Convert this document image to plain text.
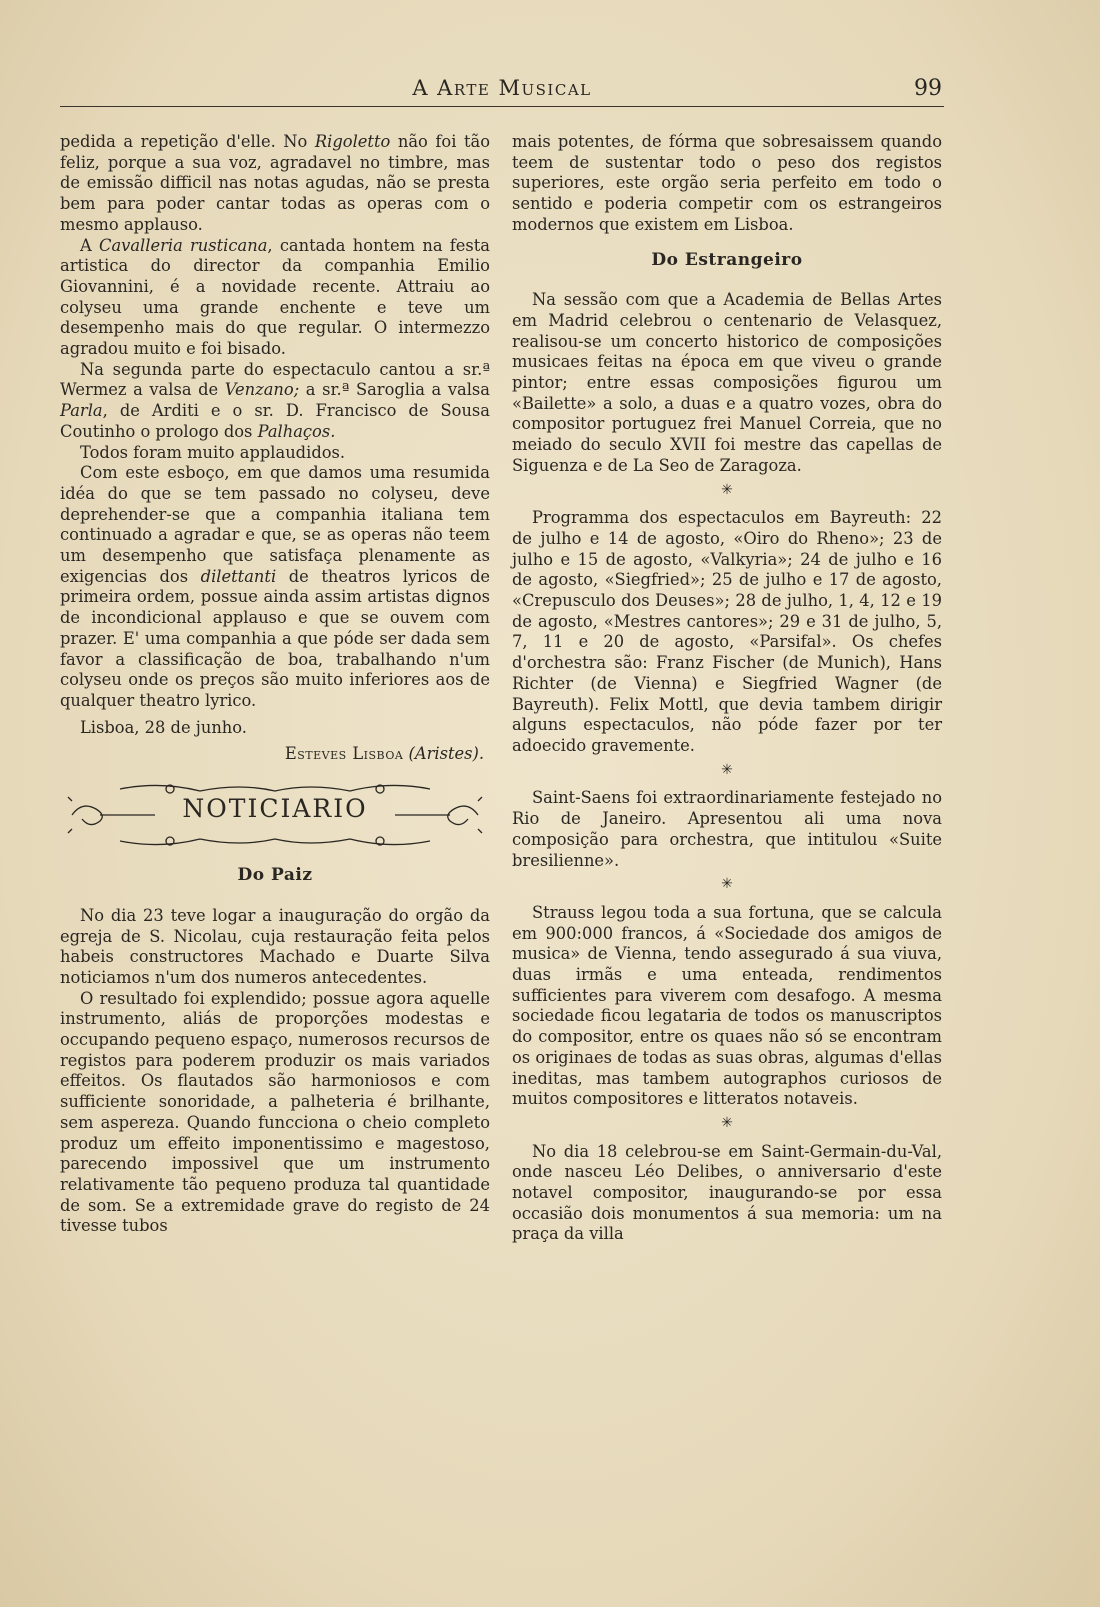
A Arte Musical	99

pedida a repetição d'elle. No Rigoletto não foi tão feliz, porque a sua voz, agradavel no timbre, mas de emissão difficil nas notas agudas, não se presta bem para poder cantar todas as operas com o mesmo applauso.

A Cavalleria rusticana, cantada hontem na festa artistica do director da companhia Emilio Giovannini, é a novidade recente. Attraiu ao colyseu uma grande enchente e teve um desempenho mais do que regular. O intermezzo agradou muito e foi bisado.

Na segunda parte do espectaculo cantou a sr.ª Wermez a valsa de Venzano; a sr.ª Saroglia a valsa Parla, de Arditi e o sr. D. Francisco de Sousa Coutinho o prologo dos Palhaços.

Todos foram muito applaudidos.

Com este esboço, em que damos uma resumida idéa do que se tem passado no colyseu, deve deprehender-se que a companhia italiana tem continuado a agradar e que, se as operas não teem um desempenho que satisfaça plenamente as exigencias dos dilettanti de theatros lyricos de primeira ordem, possue ainda assim artistas dignos de incondicional applauso e que se ouvem com prazer. E' uma companhia a que póde ser dada sem favor a classificação de boa, trabalhando n'um colyseu onde os preços são muito inferiores aos de qualquer theatro lyrico.

Lisboa, 28 de junho.

Esteves Lisboa (Aristes).

NOTICIARIO
Do Paiz

No dia 23 teve logar a inauguração do orgão da egreja de S. Nicolau, cuja restauração feita pelos habeis constructores Machado e Duarte Silva noticiamos n'um dos numeros antecedentes.

O resultado foi explendido; possue agora aquelle instrumento, aliás de proporções modestas e occupando pequeno espaço, numerosos recursos de registos para poderem produzir os mais variados effeitos. Os flautados são harmoniosos e com sufficiente sonoridade, a palheteria é brilhante, sem aspereza. Quando funcciona o cheio completo produz um effeito imponentissimo e magestoso, parecendo impossivel que um instrumento relativamente tão pequeno produza tal quantidade de som. Se a extremidade grave do registo de 24 tivesse tubos

mais potentes, de fórma que sobresaissem quando teem de sustentar todo o peso dos registos superiores, este orgão seria perfeito em todo o sentido e poderia competir com os estrangeiros modernos que existem em Lisboa.

Do Estrangeiro

Na sessão com que a Academia de Bellas Artes em Madrid celebrou o centenario de Velasquez, realisou-se um concerto historico de composições musicaes feitas na época em que viveu o grande pintor; entre essas composições figurou um «Bailette» a solo, a duas e a quatro vozes, obra do compositor portuguez frei Manuel Correia, que no meiado do seculo XVII foi mestre das capellas de Siguenza e de La Seo de Zaragoza.

✳

Programma dos espectaculos em Bayreuth: 22 de julho e 14 de agosto, «Oiro do Rheno»; 23 de julho e 15 de agosto, «Valkyria»; 24 de julho e 16 de agosto, «Siegfried»; 25 de julho e 17 de agosto, «Crepusculo dos Deuses»; 28 de julho, 1, 4, 12 e 19 de agosto, «Mestres cantores»; 29 e 31 de julho, 5, 7, 11 e 20 de agosto, «Parsifal». Os chefes d'orchestra são: Franz Fischer (de Munich), Hans Richter (de Vienna) e Siegfried Wagner (de Bayreuth). Felix Mottl, que devia tambem dirigir alguns espectaculos, não póde fazer por ter adoecido gravemente.

✳

Saint-Saens foi extraordinariamente festejado no Rio de Janeiro. Apresentou ali uma nova composição para orchestra, que intitulou «Suite bresilienne».

✳

Strauss legou toda a sua fortuna, que se calcula em 900:000 francos, á «Sociedade dos amigos de musica» de Vienna, tendo assegurado á sua viuva, duas irmãs e uma enteada, rendimentos sufficientes para viverem com desafogo. A mesma sociedade ficou legataria de todos os manuscriptos do compositor, entre os quaes não só se encontram os originaes de todas as suas obras, algumas d'ellas ineditas, mas tambem autographos curiosos de muitos compositores e litteratos notaveis.

✳

No dia 18 celebrou-se em Saint-Germain-du-Val, onde nasceu Léo Delibes, o anniversario d'este notavel compositor, inaugurando-se por essa occasião dois monumentos á sua memoria: um na praça da villa
